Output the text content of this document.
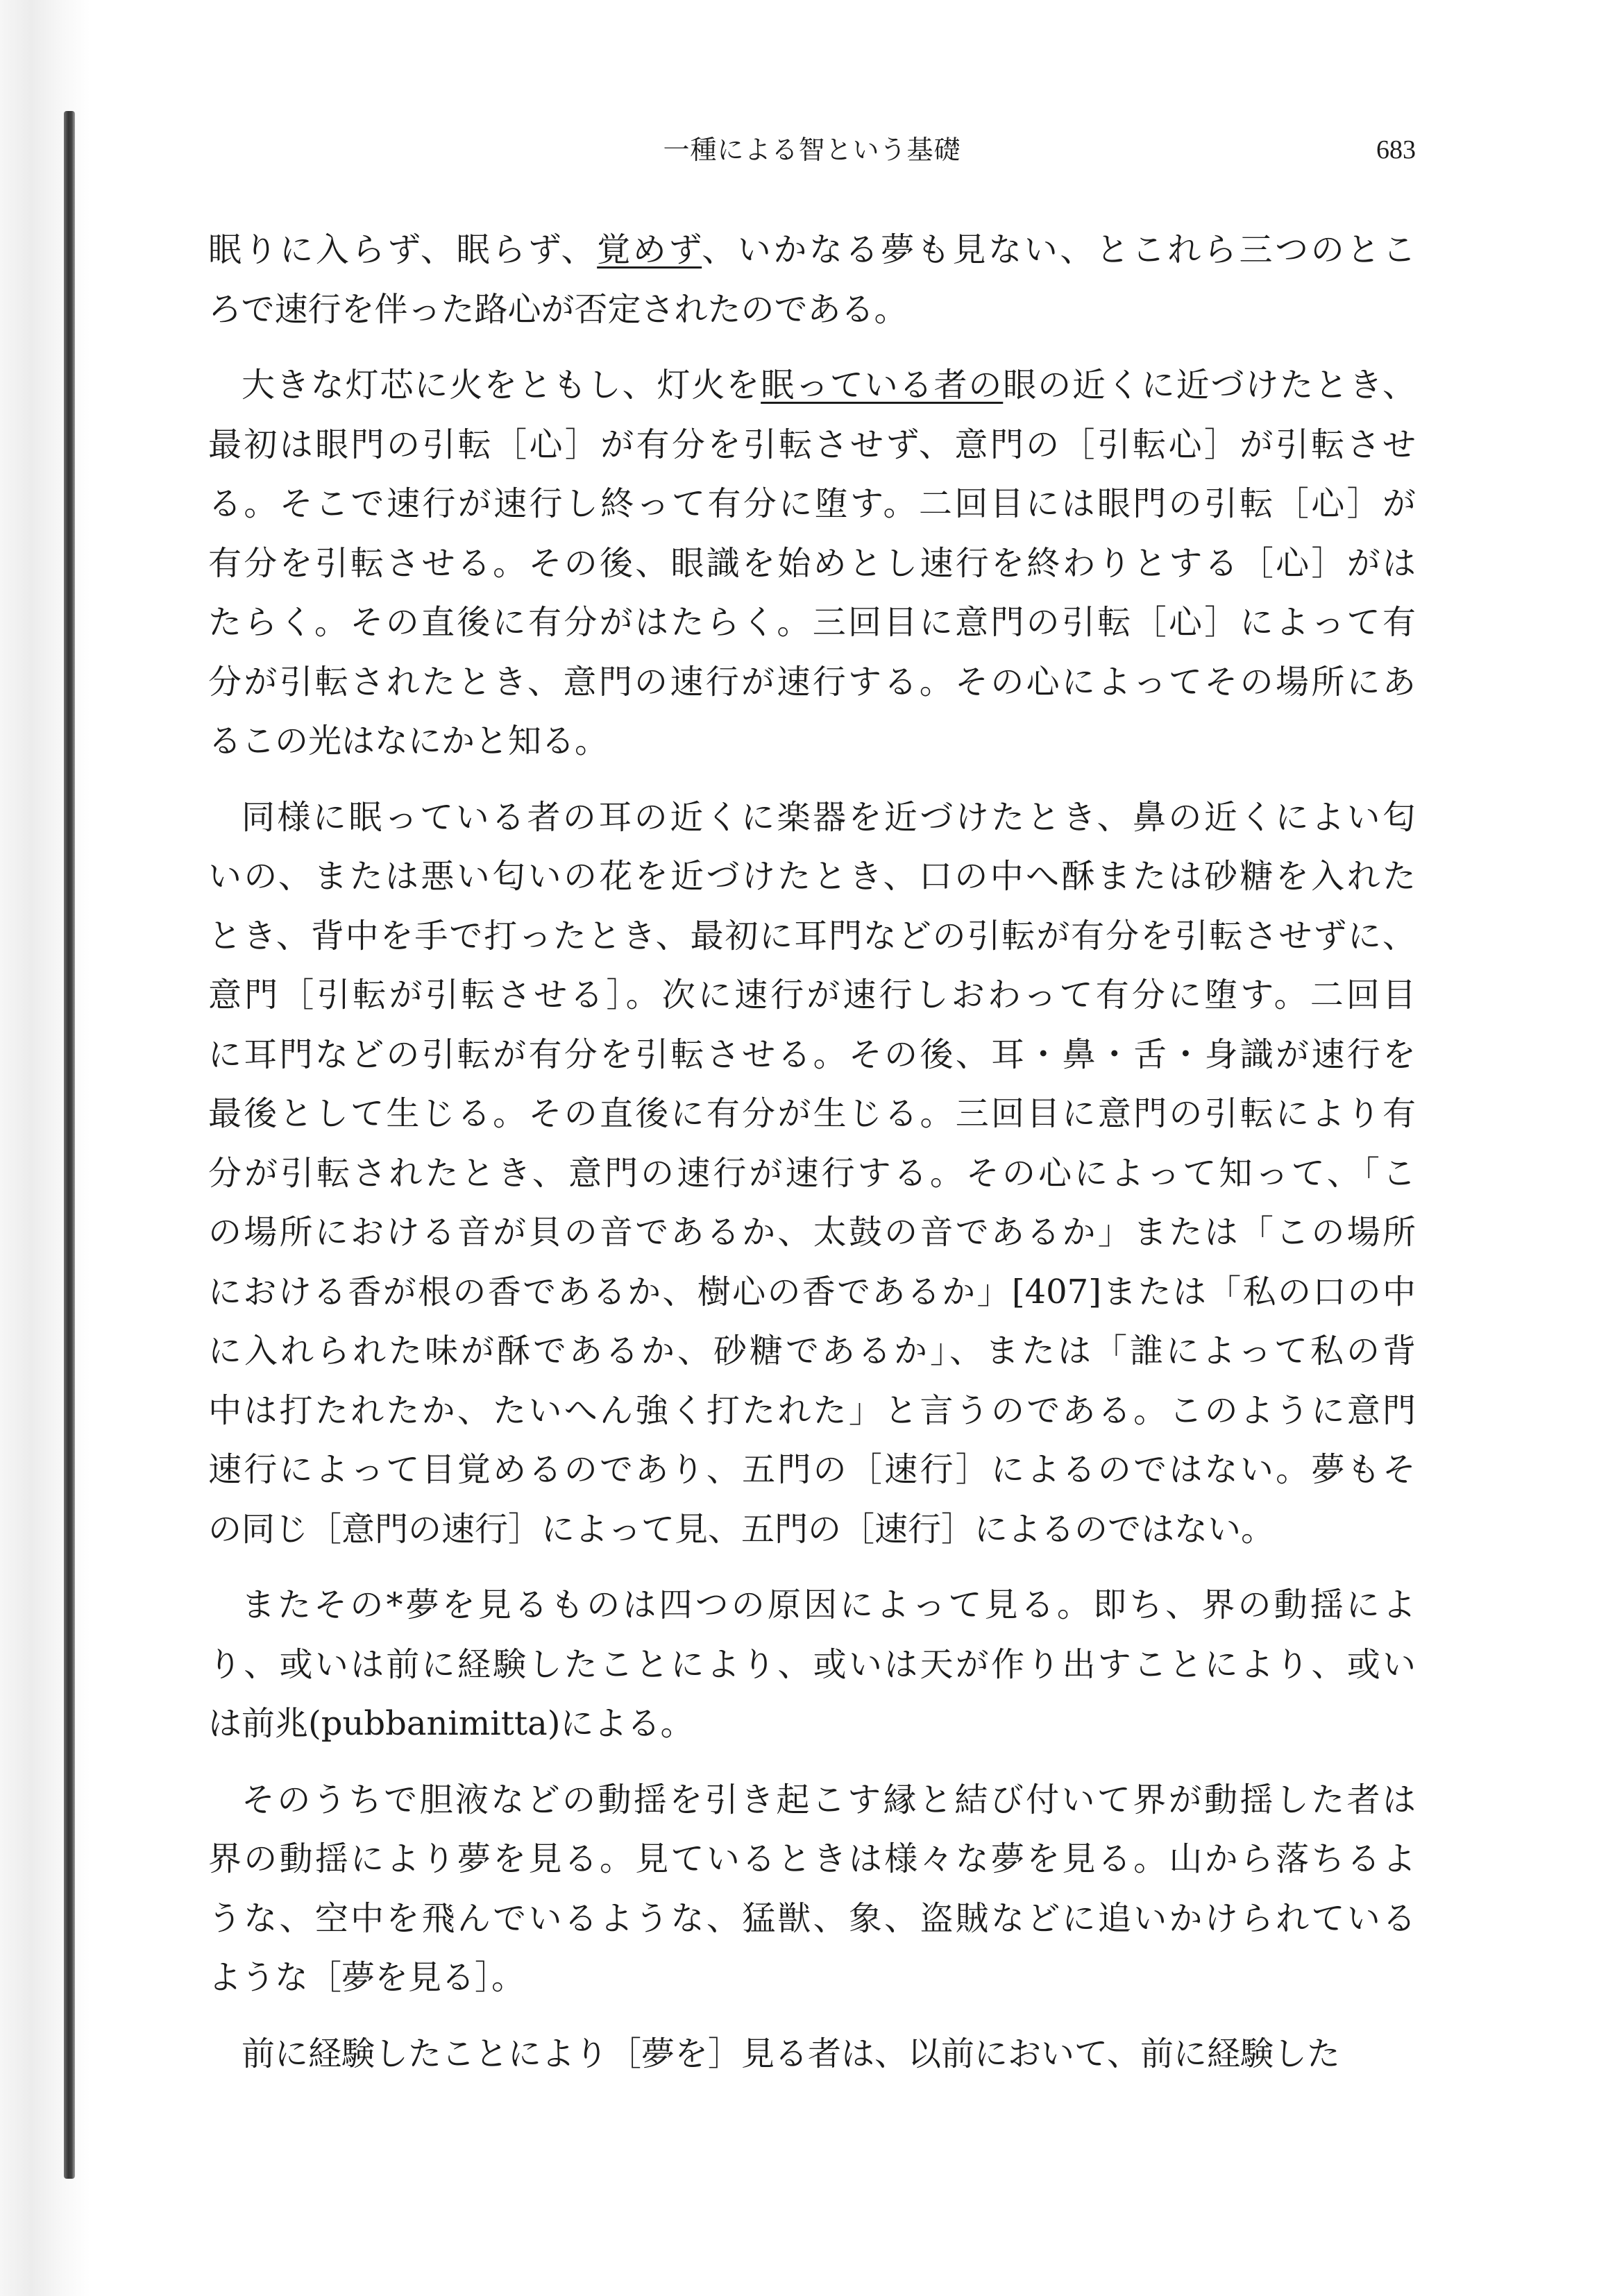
一種による智という基礎	683
眠りに入らず、眠らず、覚めず、いかなる夢も見ない、とこれら三つのとこ
ろで速行を伴った路心が否定されたのである。
大きな灯芯に火をともし、灯火を眠っている者の眼の近くに近づけたとき、
最初は眼門の引転［心］が有分を引転させず、意門の［引転心］が引転させ
る。そこで速行が速行し終って有分に堕す。二回目には眼門の引転［心］が
有分を引転させる。その後、眼識を始めとし速行を終わりとする［心］がは
たらく。その直後に有分がはたらく。三回目に意門の引転［心］によって有
分が引転されたとき、意門の速行が速行する。その心によってその場所にあ
るこの光はなにかと知る。
同様に眠っている者の耳の近くに楽器を近づけたとき、鼻の近くによい匂
いの、または悪い匂いの花を近づけたとき、口の中へ酥または砂糖を入れた
とき、背中を手で打ったとき、最初に耳門などの引転が有分を引転させずに、
意門［引転が引転させる］。次に速行が速行しおわって有分に堕す。二回目
に耳門などの引転が有分を引転させる。その後、耳・鼻・舌・身識が速行を
最後として生じる。その直後に有分が生じる。三回目に意門の引転により有
分が引転されたとき、意門の速行が速行する。その心によって知って、「こ
の場所における音が貝の音であるか、太鼓の音であるか」または「この場所
における香が根の香であるか、樹心の香であるか」[407]または「私の口の中
に入れられた味が酥であるか、砂糖であるか」、または「誰によって私の背
中は打たれたか、たいへん強く打たれた」と言うのである。このように意門
速行によって目覚めるのであり、五門の［速行］によるのではない。夢もそ
の同じ［意門の速行］によって見、五門の［速行］によるのではない。
またその*夢を見るものは四つの原因によって見る。即ち、界の動揺によ
り、或いは前に経験したことにより、或いは天が作り出すことにより、或い
は前兆(pubbanimitta)による。
そのうちで胆液などの動揺を引き起こす縁と結び付いて界が動揺した者は
界の動揺により夢を見る。見ているときは様々な夢を見る。山から落ちるよ
うな、空中を飛んでいるような、猛獣、象、盗賊などに追いかけられている
ような［夢を見る］。
前に経験したことにより［夢を］見る者は、以前において、前に経験した
